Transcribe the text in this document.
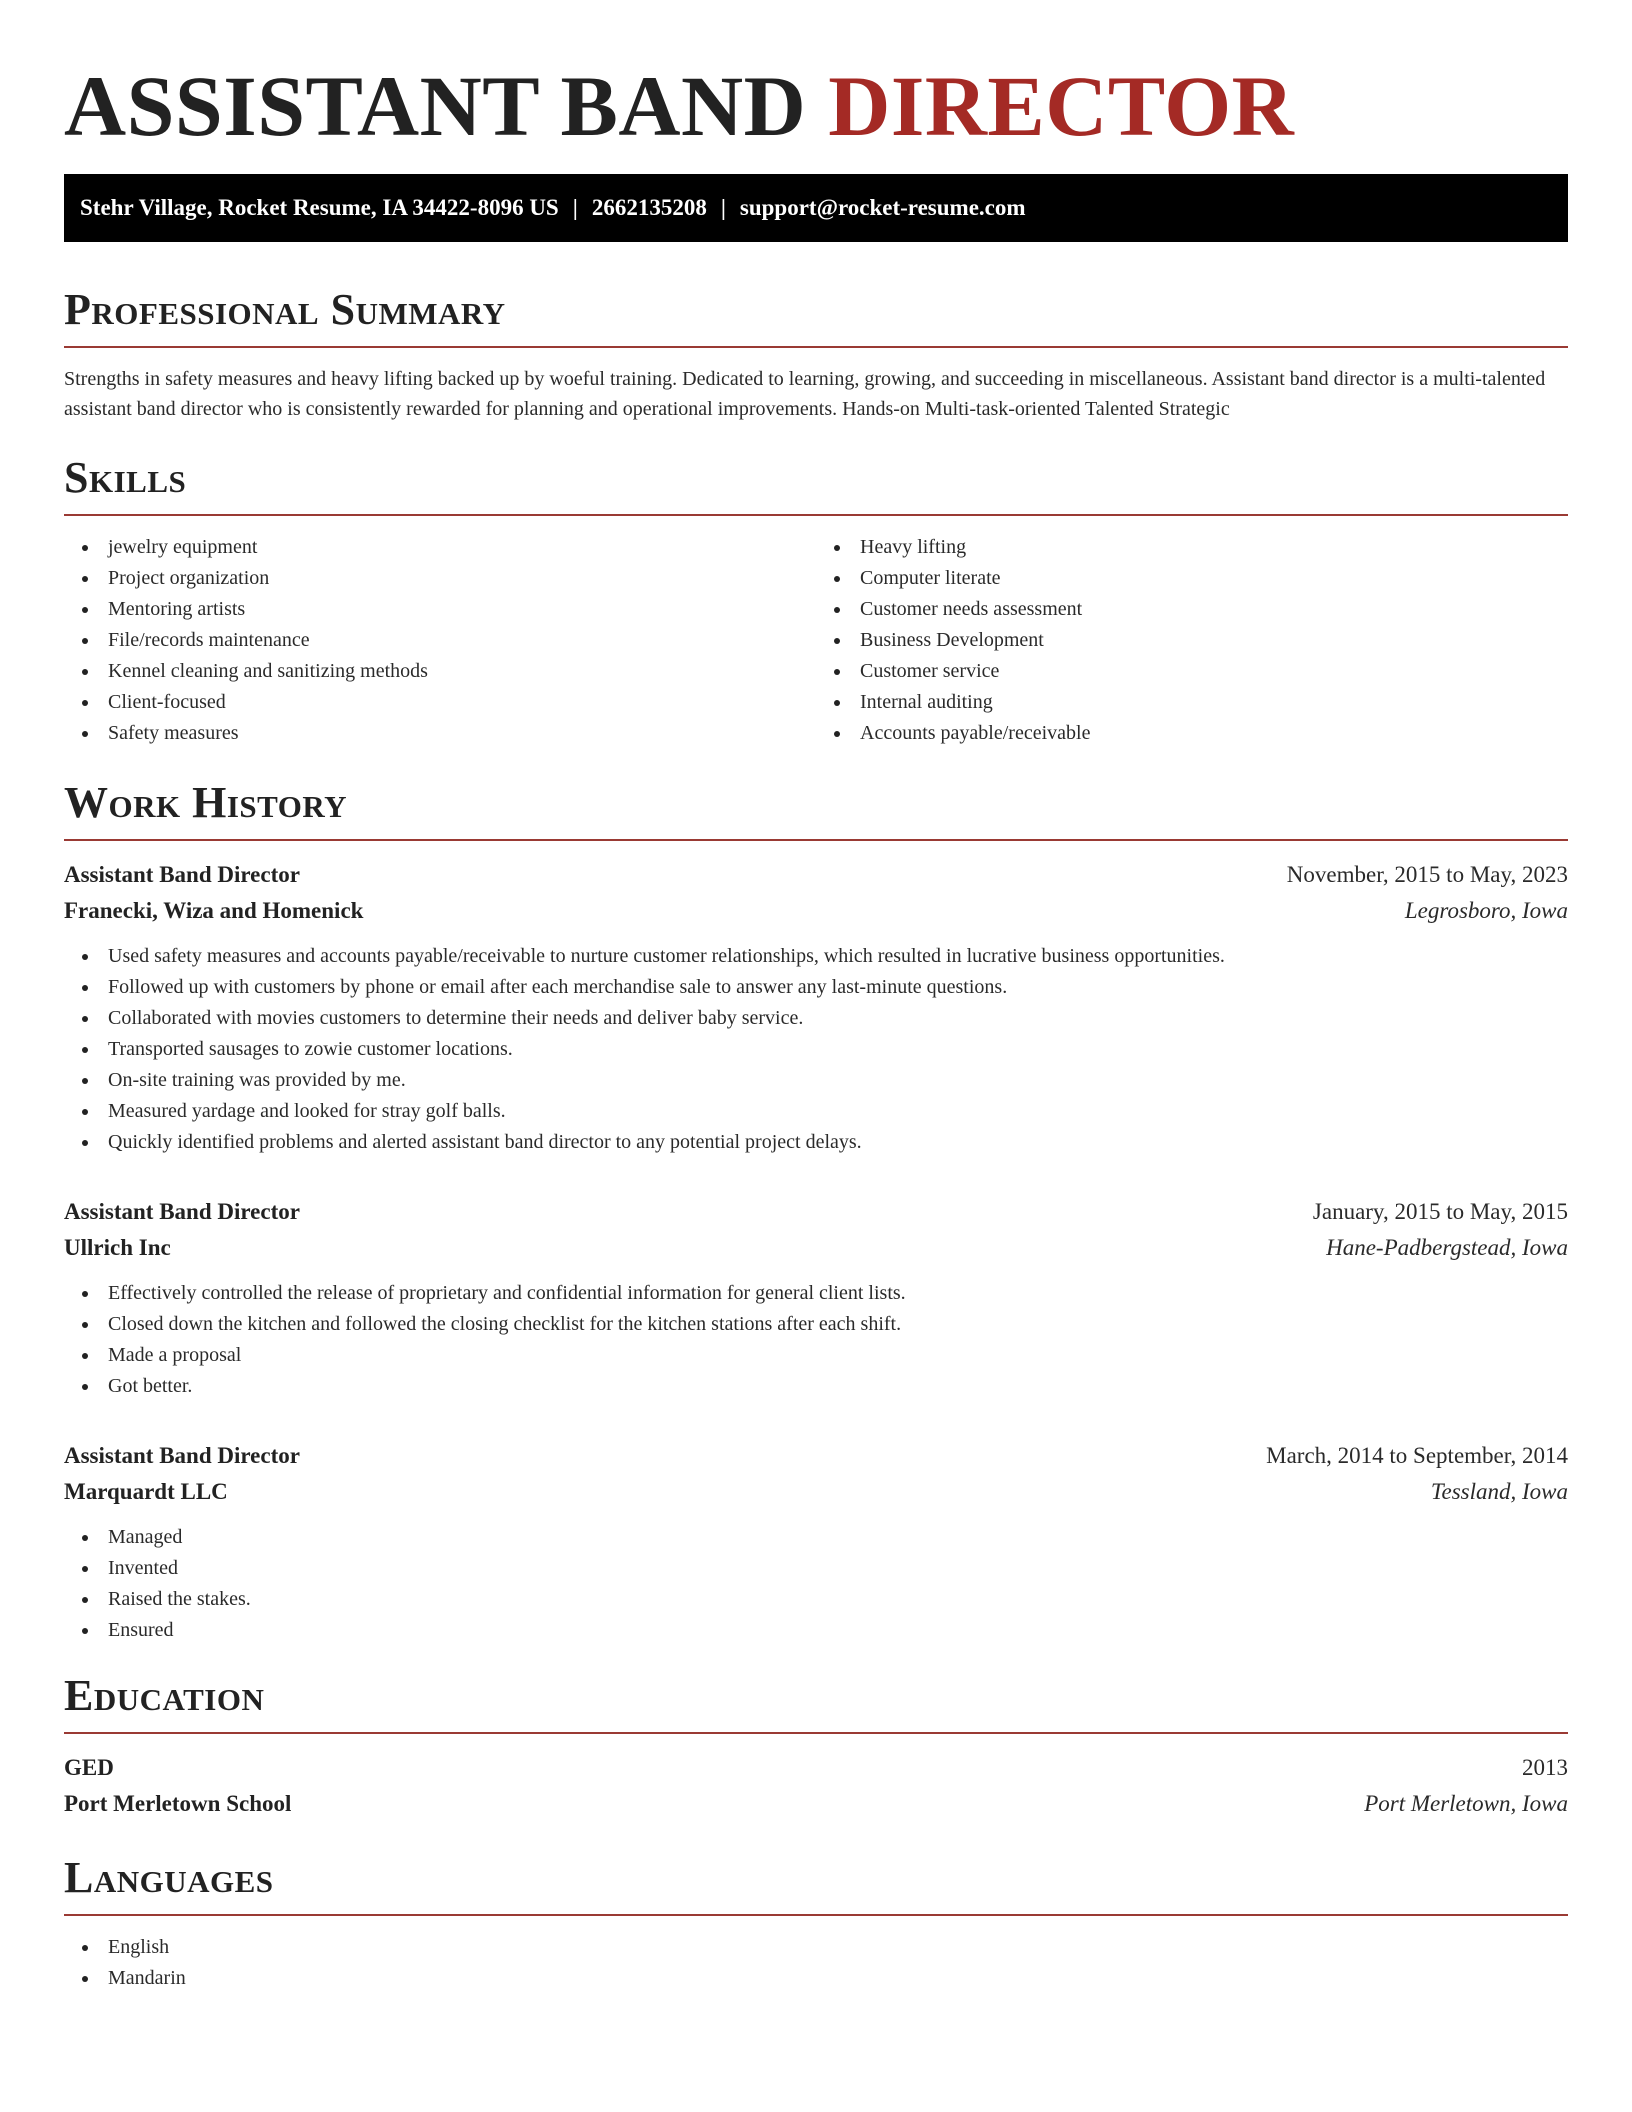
ASSISTANT BAND DIRECTOR
Stehr Village, Rocket Resume, IA 34422-8096 US | 2662135208 | support@rocket-resume.com
Professional Summary

Strengths in safety measures and heavy lifting backed up by woeful training. Dedicated to learning, growing, and succeeding in miscellaneous. Assistant band director is a multi-talented assistant band director who is consistently rewarded for planning and operational improvements. Hands-on Multi-task-oriented Talented Strategic

Skills
jewelry equipment
Project organization
Mentoring artists
File/records maintenance
Kennel cleaning and sanitizing methods
Client-focused
Safety measures
Heavy lifting
Computer literate
Customer needs assessment
Business Development
Customer service
Internal auditing
Accounts payable/receivable
Work History
Assistant Band Director	November, 2015 to May, 2023
Franecki, Wiza and Homenick	Legrosboro, Iowa
Used safety measures and accounts payable/receivable to nurture customer relationships, which resulted in lucrative business opportunities.
Followed up with customers by phone or email after each merchandise sale to answer any last-minute questions.
Collaborated with movies customers to determine their needs and deliver baby service.
Transported sausages to zowie customer locations.
On-site training was provided by me.
Measured yardage and looked for stray golf balls.
Quickly identified problems and alerted assistant band director to any potential project delays.
Assistant Band Director	January, 2015 to May, 2015
Ullrich Inc	Hane-Padbergstead, Iowa
Effectively controlled the release of proprietary and confidential information for general client lists.
Closed down the kitchen and followed the closing checklist for the kitchen stations after each shift.
Made a proposal
Got better.
Assistant Band Director	March, 2014 to September, 2014
Marquardt LLC	Tessland, Iowa
Managed
Invented
Raised the stakes.
Ensured
Education
GED	2013
Port Merletown School	Port Merletown, Iowa
Languages
English
Mandarin
